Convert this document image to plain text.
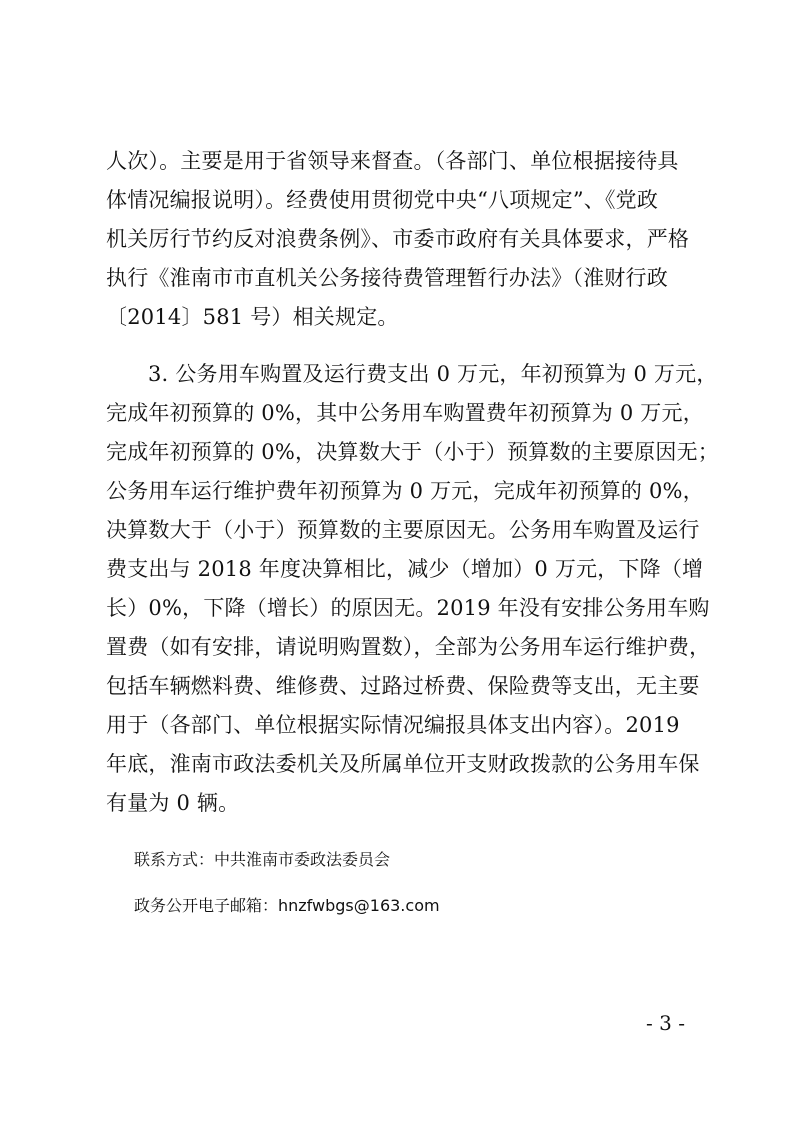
人次）。主要是用于省领导来督查。（各部门、单位根据接待具
体情况编报说明）。经费使用贯彻党中央“八项规定”、《党政
机关厉行节约反对浪费条例》、市委市政府有关具体要求，严格
执行《淮南市市直机关公务接待费管理暂行办法》（淮财行政
〔2014〕581 号）相关规定。
3. 公务用车购置及运行费支出 0 万元，年初预算为 0 万元，
完成年初预算的 0%，其中公务用车购置费年初预算为 0 万元，
完成年初预算的 0%，决算数大于（小于）预算数的主要原因无；
公务用车运行维护费年初预算为 0 万元，完成年初预算的 0%，
决算数大于（小于）预算数的主要原因无。公务用车购置及运行
费支出与 2018 年度决算相比，减少（增加）0 万元，下降（增
长）0%，下降（增长）的原因无。2019 年没有安排公务用车购
置费（如有安排，请说明购置数），全部为公务用车运行维护费，
包括车辆燃料费、维修费、过路过桥费、保险费等支出，无主要
用于（各部门、单位根据实际情况编报具体支出内容）。2019
年底，淮南市政法委机关及所属单位开支财政拨款的公务用车保
有量为 0 辆。
联系方式：中共淮南市委政法委员会
政务公开电子邮箱：hnzfwbgs@163.com
- 3 -
